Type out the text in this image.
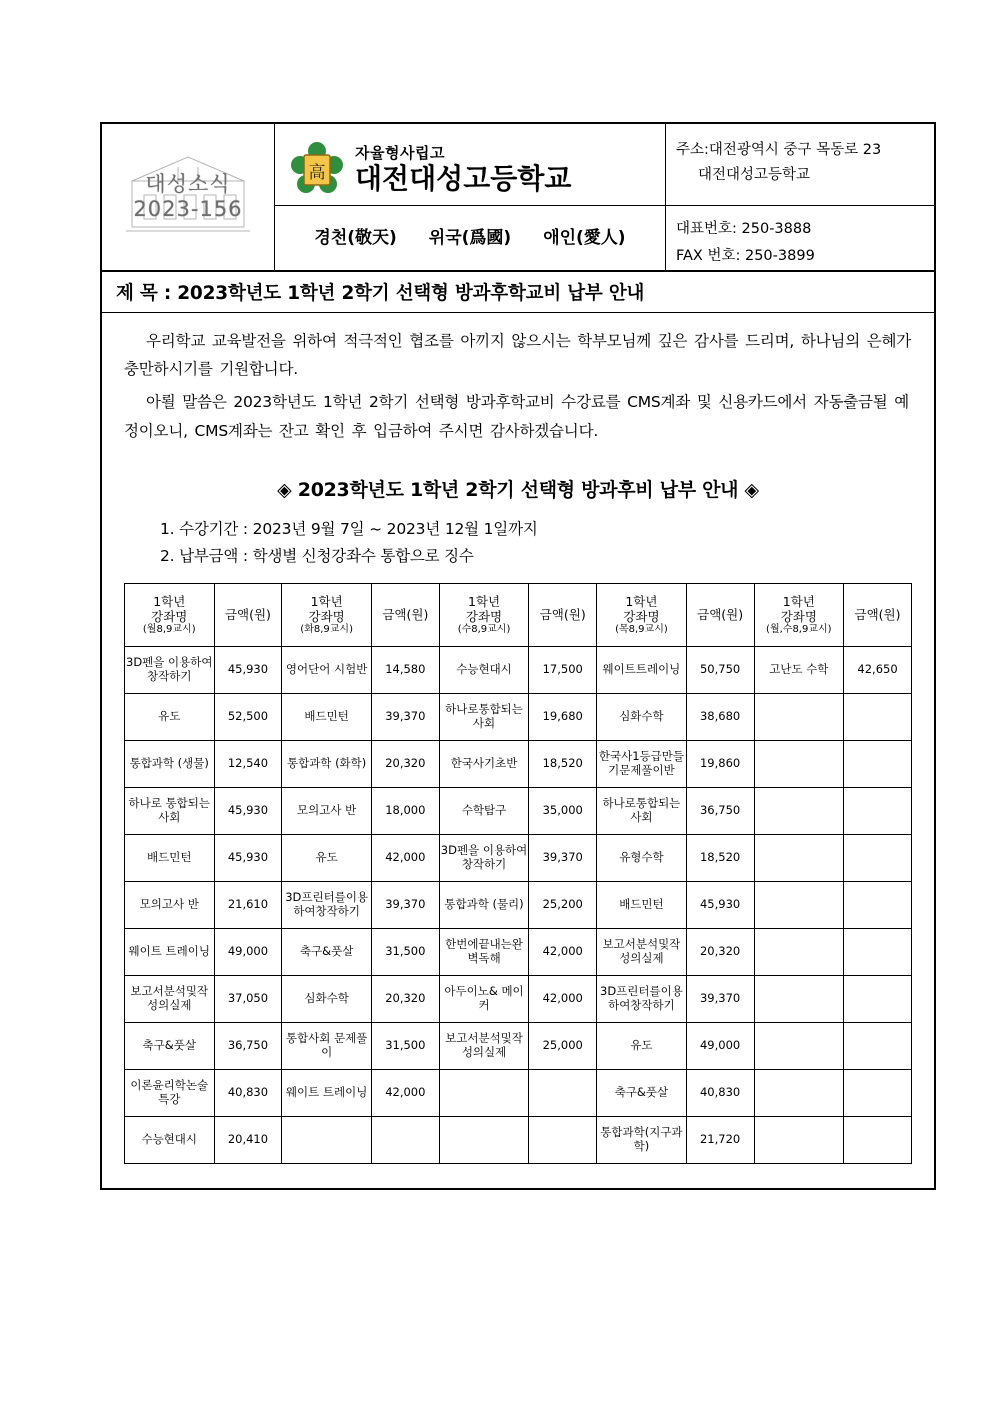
대성소식
2023-156
高
자율형사립고
대전대성고등학교
경천(敬天) 위국(爲國) 애인(愛人)
주소:대전광역시 중구 목동로 23
대전대성고등학교
대표번호: 250-3888
FAX 번호: 250-3899
제 목 : 2023학년도 1학년 2학기 선택형 방과후학교비 납부 안내
우리학교 교육발전을 위하여 적극적인 협조를 아끼지 않으시는 학부모님께 깊은 감사를 드리며, 하나님의 은혜가 충만하시기를 기원합니다.
아뢸 말씀은 2023학년도 1학년 2학기 선택형 방과후학교비 수강료를 CMS계좌 및 신용카드에서 자동출금될 예정이오니, CMS계좌는 잔고 확인 후 입금하여 주시면 감사하겠습니다.
◈ 2023학년도 1학년 2학기 선택형 방과후비 납부 안내 ◈
1. 수강기간 : 2023년 9월 7일 ~ 2023년 12월 1일까지
2. 납부금액 : 학생별 신청강좌수 통합으로 징수
1학년
강좌명
(월8,9교시)	금액(원)	1학년
강좌명
(화8,9교시)	금액(원)	1학년
강좌명
(수8,9교시)	금액(원)	1학년
강좌명
(목8,9교시)	금액(원)	1학년
강좌명
(월,수8,9교시)	금액(원)
3D펜을 이용하여 창작하기	45,930	영어단어 시험반	14,580	수능현대시	17,500	웨이트트레이닝	50,750	고난도 수학	42,650
유도	52,500	배드민턴	39,370	하나로통합되는사회	19,680	심화수학	38,680		
통합과학 (생물)	12,540	통합과학 (화학)	20,320	한국사기초반	18,520	한국사1등급만들기문제풀이반	19,860		
하나로 통합되는 사회	45,930	모의고사 반	18,000	수학탐구	35,000	하나로통합되는사회	36,750		
배드민턴	45,930	유도	42,000	3D펜을 이용하여 창작하기	39,370	유형수학	18,520		
모의고사 반	21,610	3D프린터를이용하여창작하기	39,370	통합과학 (물리)	25,200	배드민턴	45,930		
웨이트 트레이닝	49,000	축구&풋살	31,500	한번에끝내는완벽독해	42,000	보고서분석및작성의실제	20,320		
보고서분석및작성의실제	37,050	심화수학	20,320	아두이노& 메이커	42,000	3D프린터를이용하여창작하기	39,370		
축구&풋살	36,750	통합사회 문제풀이	31,500	보고서분석및작성의실제	25,000	유도	49,000		
이론윤리학논술특강	40,830	웨이트 트레이닝	42,000			축구&풋살	40,830		
수능현대시	20,410					통합과학(지구과학)	21,720		
